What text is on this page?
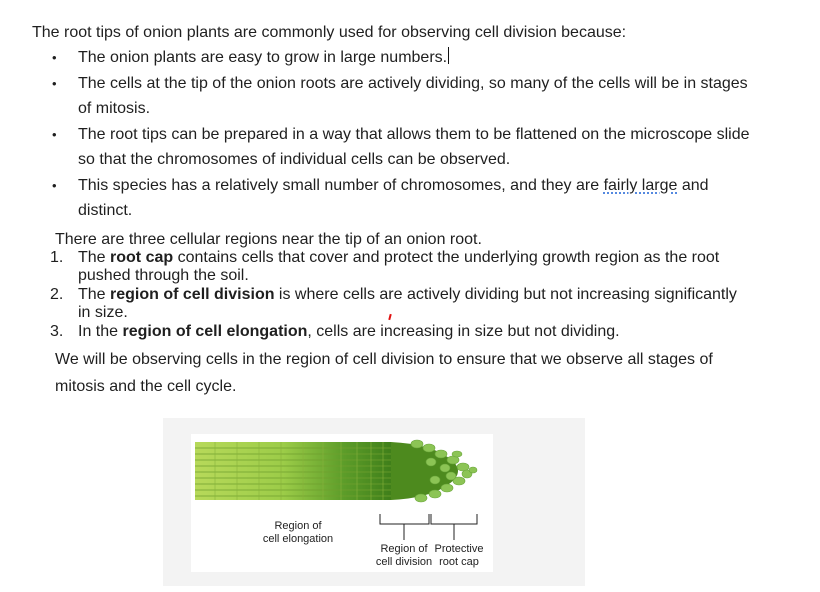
The root tips of onion plants are commonly used for observing cell division because:
• The onion plants are easy to grow in large numbers.
• The cells at the tip of the onion roots are actively dividing, so many of the cells will be in stages of mitosis.
• The root tips can be prepared in a way that allows them to be flattened on the microscope slide so that the chromosomes of individual cells can be observed.
• This species has a relatively small number of chromosomes, and they are fairly large and distinct.
There are three cellular regions near the tip of an onion root.
1. The root cap contains cells that cover and protect the underlying growth region as the root pushed through the soil.
2. The region of cell division is where cells are actively dividing but not increasing significantly in size.
3. In the region of cell elongation, cells are increasing in size but not dividing.
We will be observing cells in the region of cell division to ensure that we observe all stages of mitosis and the cell cycle.
Region of
cell elongation
Region of
cell division
Protective
root cap
